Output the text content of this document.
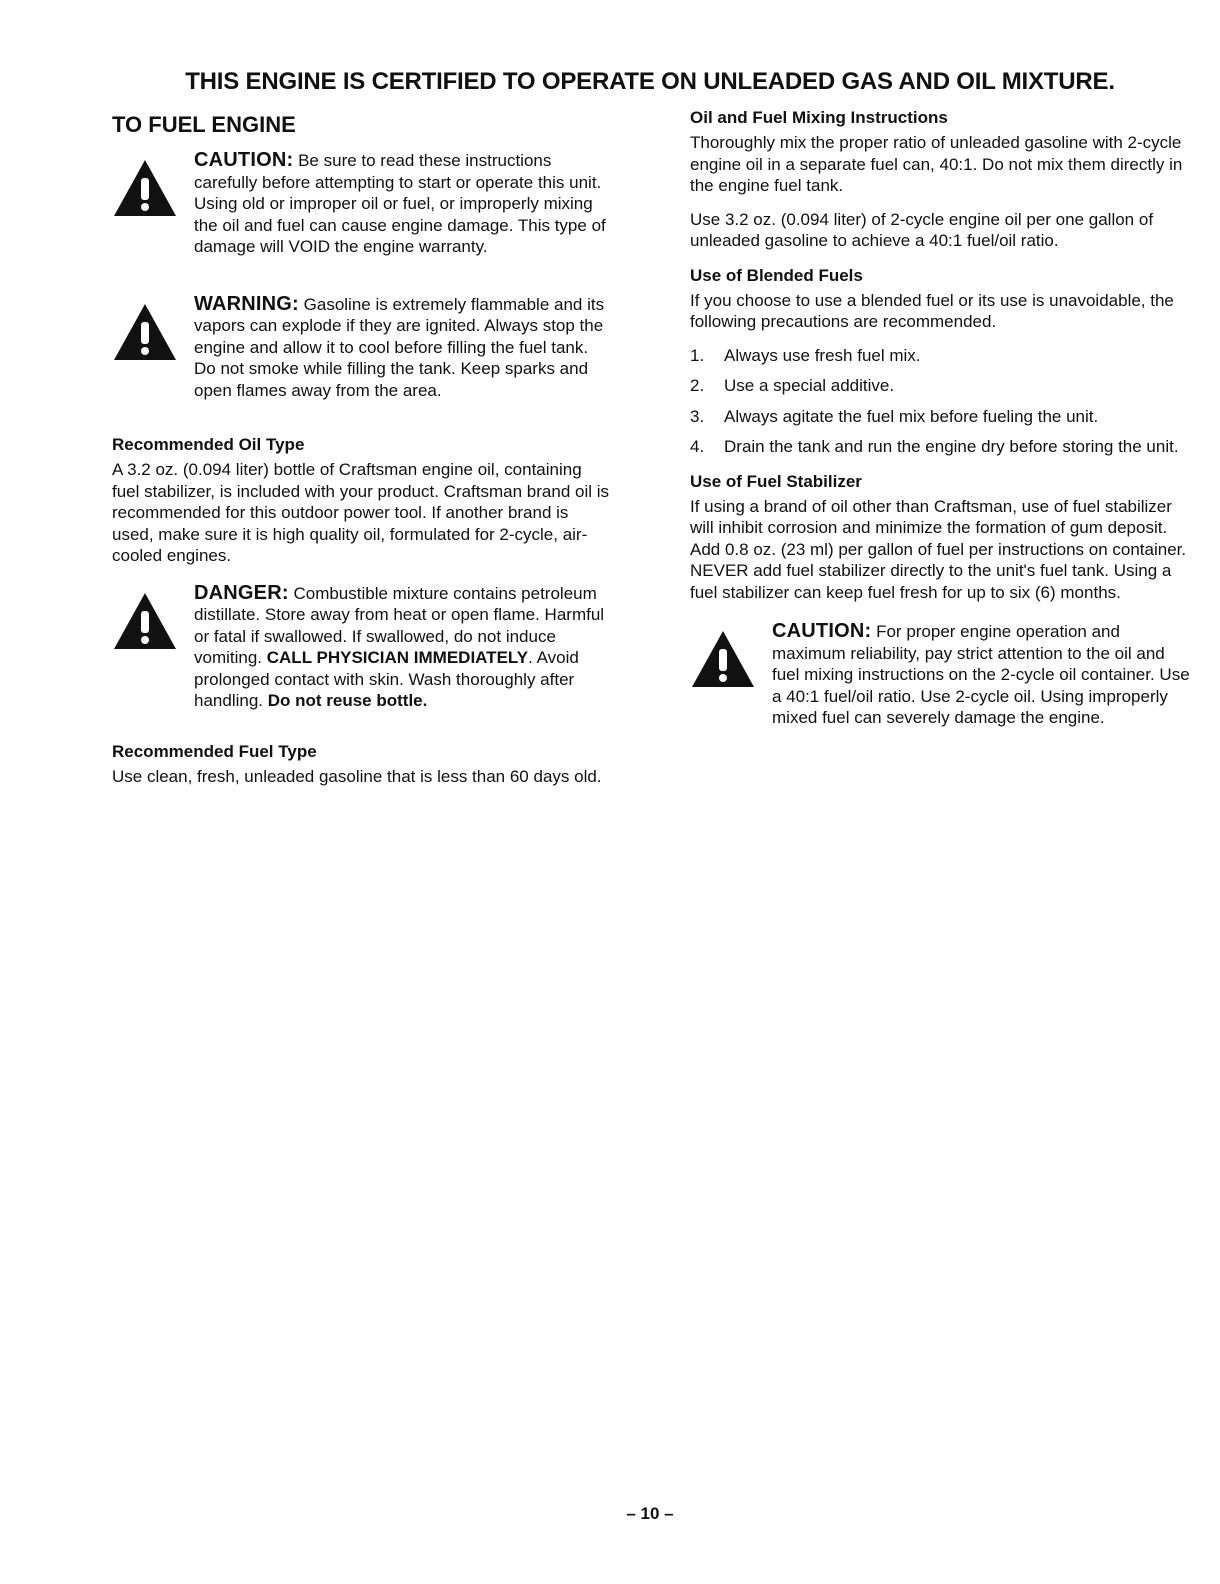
THIS ENGINE IS CERTIFIED TO OPERATE ON UNLEADED GAS AND OIL MIXTURE.
TO FUEL ENGINE
CAUTION: Be sure to read these instructions carefully before attempting to start or operate this unit. Using old or improper oil or fuel, or improperly mixing the oil and fuel can cause engine damage. This type of damage will VOID the engine warranty.
WARNING: Gasoline is extremely flammable and its vapors can explode if they are ignited. Always stop the engine and allow it to cool before filling the fuel tank. Do not smoke while filling the tank. Keep sparks and open flames away from the area.
Recommended Oil Type
A 3.2 oz. (0.094 liter) bottle of Craftsman engine oil, containing fuel stabilizer, is included with your product. Craftsman brand oil is recommended for this outdoor power tool. If another brand is used, make sure it is high quality oil, formulated for 2-cycle, air-cooled engines.
DANGER: Combustible mixture contains petroleum distillate. Store away from heat or open flame. Harmful or fatal if swallowed. If swallowed, do not induce vomiting. CALL PHYSICIAN IMMEDIATELY. Avoid prolonged contact with skin. Wash thoroughly after handling. Do not reuse bottle.
Recommended Fuel Type
Use clean, fresh, unleaded gasoline that is less than 60 days old.
Oil and Fuel Mixing Instructions
Thoroughly mix the proper ratio of unleaded gasoline with 2-cycle engine oil in a separate fuel can, 40:1. Do not mix them directly in the engine fuel tank.
Use 3.2 oz. (0.094 liter) of 2-cycle engine oil per one gallon of unleaded gasoline to achieve a 40:1 fuel/oil ratio.
Use of Blended Fuels
If you choose to use a blended fuel or its use is unavoidable, the following precautions are recommended.
1. Always use fresh fuel mix.
2. Use a special additive.
3. Always agitate the fuel mix before fueling the unit.
4. Drain the tank and run the engine dry before storing the unit.
Use of Fuel Stabilizer
If using a brand of oil other than Craftsman, use of fuel stabilizer will inhibit corrosion and minimize the formation of gum deposit. Add 0.8 oz. (23 ml) per gallon of fuel per instructions on container. NEVER add fuel stabilizer directly to the unit's fuel tank. Using a fuel stabilizer can keep fuel fresh for up to six (6) months.
CAUTION: For proper engine operation and maximum reliability, pay strict attention to the oil and fuel mixing instructions on the 2-cycle oil container. Use a 40:1 fuel/oil ratio. Use 2-cycle oil. Using improperly mixed fuel can severely damage the engine.
– 10 –
